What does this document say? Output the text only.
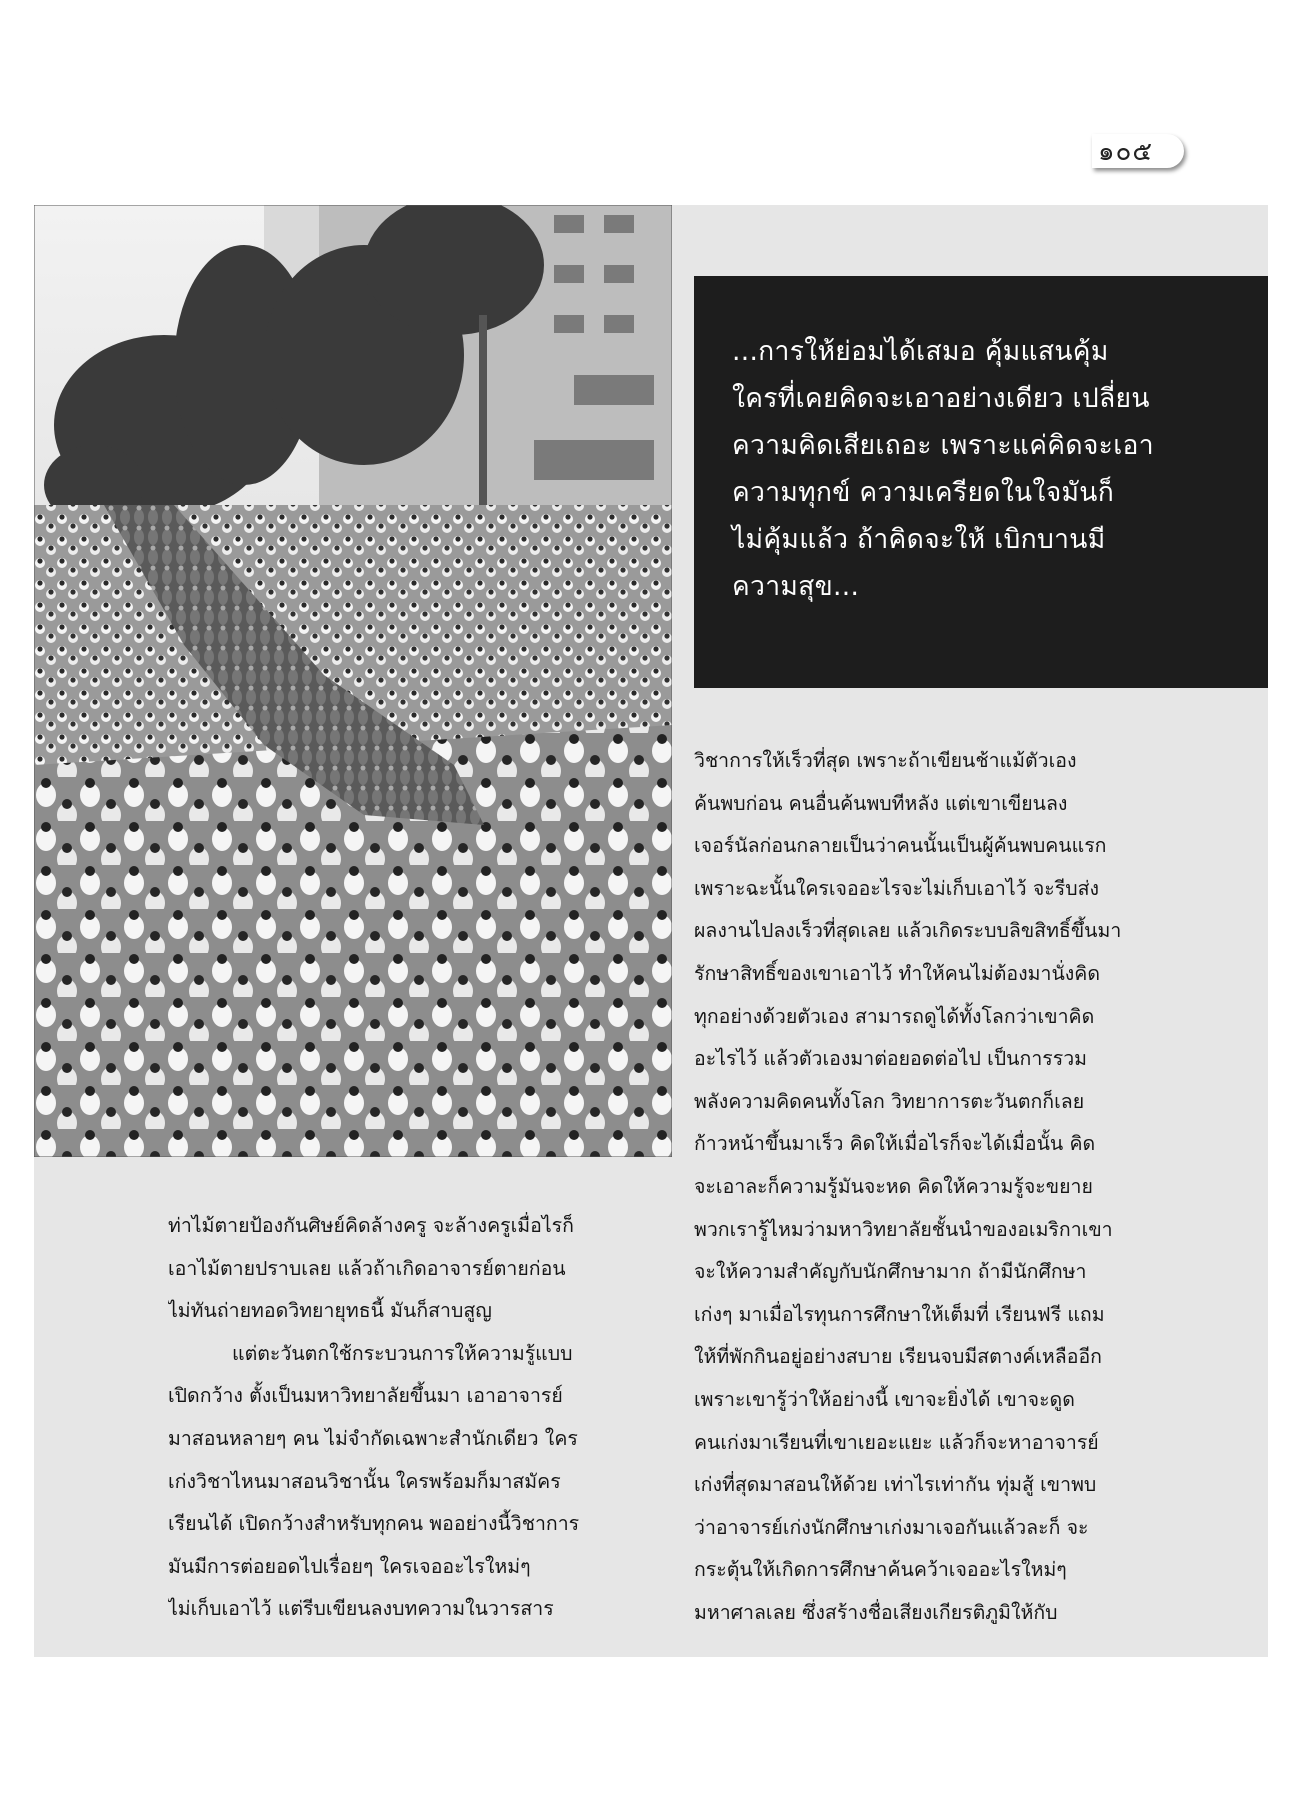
๑๐๕
...การให้ย่อมได้เสมอ คุ้มแสนคุ้ม
ใครที่เคยคิดจะเอาอย่างเดียว เปลี่ยน
ความคิดเสียเถอะ เพราะแค่คิดจะเอา
ความทุกข์ ความเครียดในใจมันก็
ไม่คุ้มแล้ว ถ้าคิดจะให้ เบิกบานมี
ความสุข...
วิชาการให้เร็วที่สุด เพราะถ้าเขียนช้าแม้ตัวเอง
ค้นพบก่อน คนอื่นค้นพบทีหลัง แต่เขาเขียนลง
เจอร์นัลก่อนกลายเป็นว่าคนนั้นเป็นผู้ค้นพบคนแรก
เพราะฉะนั้นใครเจออะไรจะไม่เก็บเอาไว้ จะรีบส่ง
ผลงานไปลงเร็วที่สุดเลย แล้วเกิดระบบลิขสิทธิ์ขึ้นมา
รักษาสิทธิ์ของเขาเอาไว้ ทำให้คนไม่ต้องมานั่งคิด
ทุกอย่างด้วยตัวเอง สามารถดูได้ทั้งโลกว่าเขาคิด
อะไรไว้ แล้วตัวเองมาต่อยอดต่อไป เป็นการรวม
พลังความคิดคนทั้งโลก วิทยาการตะวันตกก็เลย
ก้าวหน้าขึ้นมาเร็ว คิดให้เมื่อไรก็จะได้เมื่อนั้น คิด
จะเอาละก็ความรู้มันจะหด คิดให้ความรู้จะขยาย
พวกเรารู้ไหมว่ามหาวิทยาลัยชั้นนำของอเมริกาเขา
จะให้ความสำคัญกับนักศึกษามาก ถ้ามีนักศึกษา
เก่งๆ มาเมื่อไรทุนการศึกษาให้เต็มที่ เรียนฟรี แถม
ให้ที่พักกินอยู่อย่างสบาย เรียนจบมีสตางค์เหลืออีก
เพราะเขารู้ว่าให้อย่างนี้ เขาจะยิ่งได้ เขาจะดูด
คนเก่งมาเรียนที่เขาเยอะแยะ แล้วก็จะหาอาจารย์
เก่งที่สุดมาสอนให้ด้วย เท่าไรเท่ากัน ทุ่มสู้ เขาพบ
ว่าอาจารย์เก่งนักศึกษาเก่งมาเจอกันแล้วละก็ จะ
กระตุ้นให้เกิดการศึกษาค้นคว้าเจออะไรใหม่ๆ
มหาศาลเลย ซึ่งสร้างชื่อเสียงเกียรติภูมิให้กับ
ท่าไม้ตายป้องกันศิษย์คิดล้างครู จะล้างครูเมื่อไรก็
เอาไม้ตายปราบเลย แล้วถ้าเกิดอาจารย์ตายก่อน
ไม่ทันถ่ายทอดวิทยายุทธนี้ มันก็สาบสูญ
แต่ตะวันตกใช้กระบวนการให้ความรู้แบบ
เปิดกว้าง ตั้งเป็นมหาวิทยาลัยขึ้นมา เอาอาจารย์
มาสอนหลายๆ คน ไม่จำกัดเฉพาะสำนักเดียว ใคร
เก่งวิชาไหนมาสอนวิชานั้น ใครพร้อมก็มาสมัคร
เรียนได้ เปิดกว้างสำหรับทุกคน พออย่างนี้วิชาการ
มันมีการต่อยอดไปเรื่อยๆ ใครเจออะไรใหม่ๆ
ไม่เก็บเอาไว้ แต่รีบเขียนลงบทความในวารสาร
